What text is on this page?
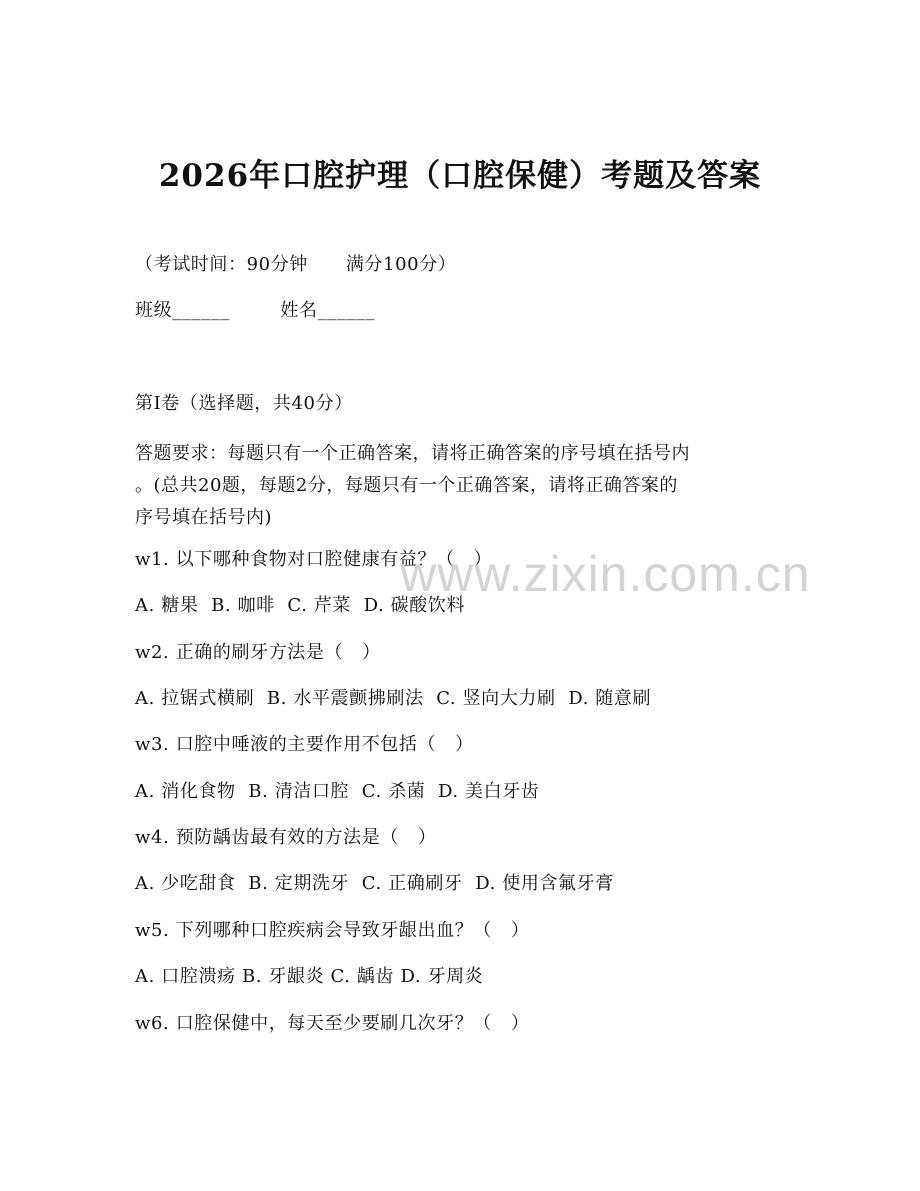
2026年口腔护理（口腔保健）考题及答案
（考试时间：90分钟      满分100分）
班级______        姓名______
第Ⅰ卷（选择题，共40分）
答题要求：每题只有一个正确答案，请将正确答案的序号填在括号内
。(总共20题，每题2分，每题只有一个正确答案，请将正确答案的
序号填在括号内)
w1. 以下哪种食物对口腔健康有益？（   ）
A. 糖果  B. 咖啡  C. 芹菜  D. 碳酸饮料
w2. 正确的刷牙方法是（   ）
A. 拉锯式横刷  B. 水平震颤拂刷法  C. 竖向大力刷  D. 随意刷
w3. 口腔中唾液的主要作用不包括（   ）
A. 消化食物  B. 清洁口腔  C. 杀菌  D. 美白牙齿
w4. 预防龋齿最有效的方法是（   ）
A. 少吃甜食  B. 定期洗牙  C. 正确刷牙  D. 使用含氟牙膏
w5. 下列哪种口腔疾病会导致牙龈出血？（   ）
A. 口腔溃疡 B. 牙龈炎 C. 龋齿 D. 牙周炎
w6. 口腔保健中，每天至少要刷几次牙？（   ）
www.zixin.com.cn
